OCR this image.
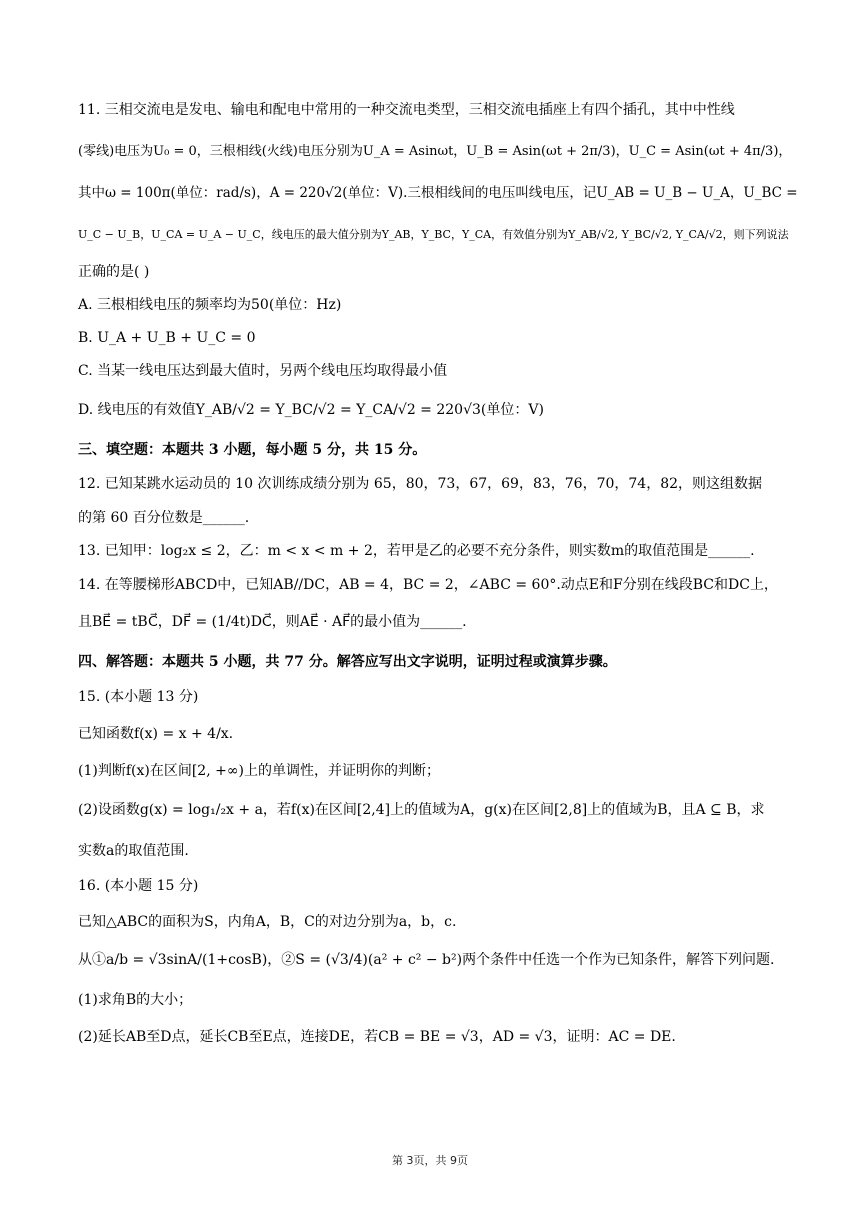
11. 三相交流电是发电、输电和配电中常用的一种交流电类型，三相交流电插座上有四个插孔，其中中性线
(零线)电压为U₀ = 0，三根相线(火线)电压分别为U_A = Asinωt，U_B = Asin(ωt + 2π/3)，U_C = Asin(ωt + 4π/3)，
其中ω = 100π(单位：rad/s)，A = 220√2(单位：V).三根相线间的电压叫线电压，记U_AB = U_B − U_A，U_BC =
U_C − U_B，U_CA = U_A − U_C，线电压的最大值分别为Y_AB，Y_BC，Y_CA，有效值分别为Y_AB/√2, Y_BC/√2, Y_CA/√2，则下列说法
正确的是( )
A. 三根相线电压的频率均为50(单位：Hz)
B. U_A + U_B + U_C = 0
C. 当某一线电压达到最大值时，另两个线电压均取得最小值
D. 线电压的有效值Y_AB/√2 = Y_BC/√2 = Y_CA/√2 = 220√3(单位：V)
三、填空题：本题共 3 小题，每小题 5 分，共 15 分。
12. 已知某跳水运动员的 10 次训练成绩分别为 65，80，73，67，69，83，76，70，74，82，则这组数据
的第 60 百分位数是______.
13. 已知甲：log₂x ≤ 2，乙：m < x < m + 2，若甲是乙的必要不充分条件，则实数m的取值范围是______.
14. 在等腰梯形ABCD中，已知AB//DC，AB = 4，BC = 2，∠ABC = 60°.动点E和F分别在线段BC和DC上，
且BE⃗ = tBC⃗，DF⃗ = (1/4t)DC⃗，则AE⃗ · AF⃗的最小值为______.
四、解答题：本题共 5 小题，共 77 分。解答应写出文字说明，证明过程或演算步骤。
15. (本小题 13 分)
已知函数f(x) = x + 4/x.
(1)判断f(x)在区间[2, +∞)上的单调性，并证明你的判断；
(2)设函数g(x) = log₁/₂x + a，若f(x)在区间[2,4]上的值域为A，g(x)在区间[2,8]上的值域为B，且A ⊆ B，求
实数a的取值范围.
16. (本小题 15 分)
已知△ABC的面积为S，内角A，B，C的对边分别为a，b，c.
从①a/b = √3sinA/(1+cosB)，②S = (√3/4)(a² + c² − b²)两个条件中任选一个作为已知条件，解答下列问题.
(1)求角B的大小；
(2)延长AB至D点，延长CB至E点，连接DE，若CB = BE = √3，AD = √3，证明：AC = DE.
第 3页，共 9页
